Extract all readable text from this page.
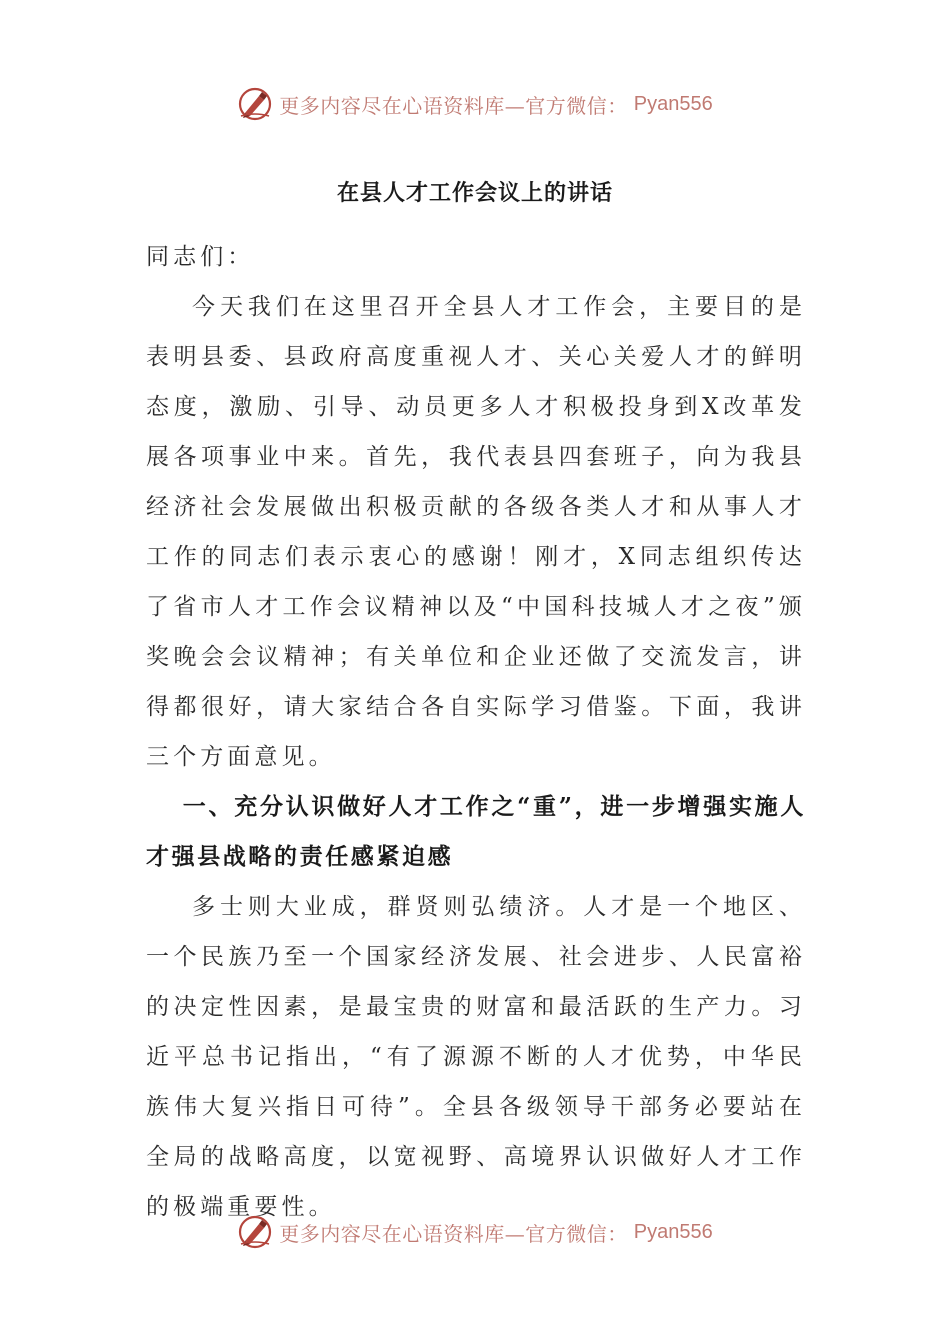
更多内容尽在心语资料库—官方微信： Pyan556
在县人才工作会议上的讲话

同志们：

今天我们在这里召开全县人才工作会，主要目的是表明县委、县政府高度重视人才、关心关爱人才的鲜明态度，激励、引导、动员更多人才积极投身到X改革发展各项事业中来。首先，我代表县四套班子，向为我县经济社会发展做出积极贡献的各级各类人才和从事人才工作的同志们表示衷心的感谢！刚才，X同志组织传达了省市人才工作会议精神以及“中国科技城人才之夜”颁奖晚会会议精神；有关单位和企业还做了交流发言，讲得都很好，请大家结合各自实际学习借鉴。下面，我讲三个方面意见。

一、充分认识做好人才工作之“重”，进一步增强实施人才强县战略的责任感紧迫感

多士则大业成，群贤则弘绩济。人才是一个地区、一个民族乃至一个国家经济发展、社会进步、人民富裕的决定性因素，是最宝贵的财富和最活跃的生产力。习近平总书记指出，“有了源源不断的人才优势，中华民族伟大复兴指日可待”。全县各级领导干部务必要站在全局的战略高度，以宽视野、高境界认识做好人才工作的极端重要性。

更多内容尽在心语资料库—官方微信： Pyan556
